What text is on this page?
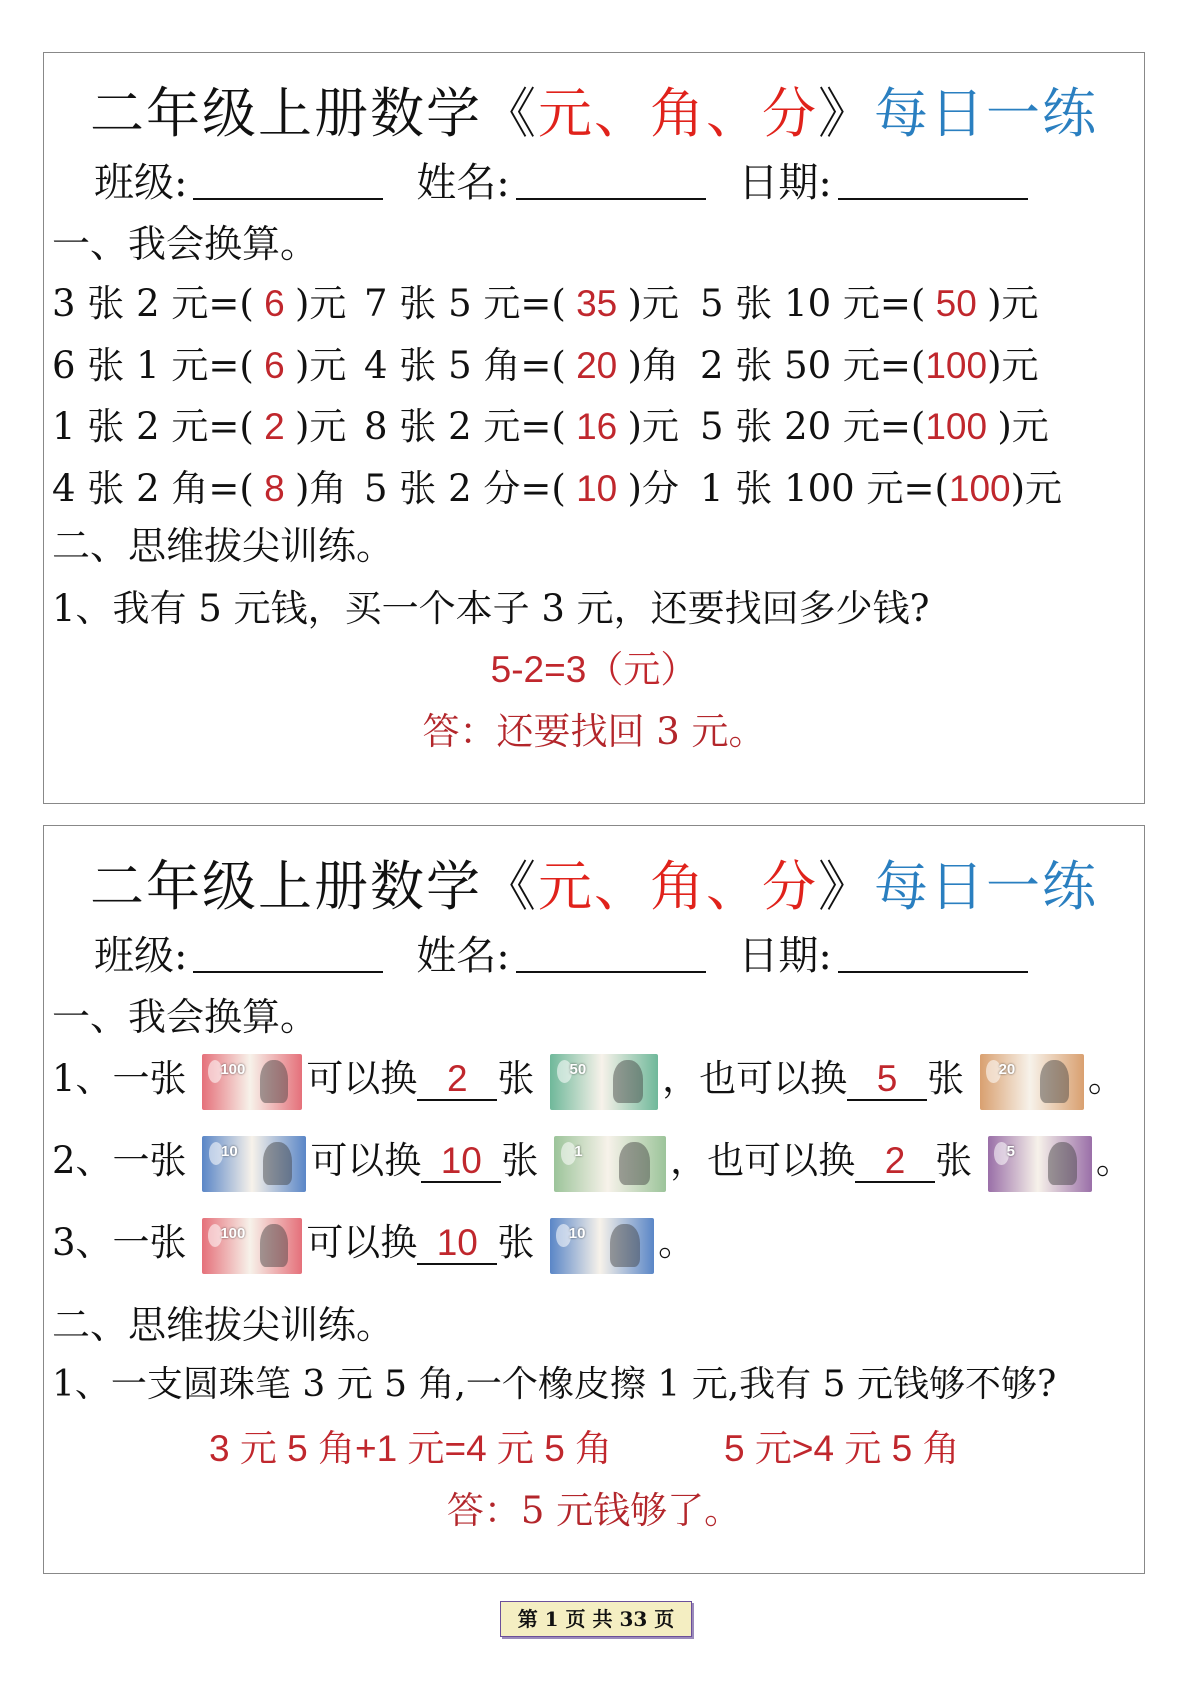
二年级上册数学《元、角、分》每日一练
班级:	姓名:	日期:
一、我会换算。
3 张 2 元=( 6 )元 7 张 5 元=( 35 )元 5 张 10 元=( 50 )元
6 张 1 元=( 6 )元 4 张 5 角=( 20 )角 2 张 50 元=(100)元
1 张 2 元=( 2 )元 8 张 2 元=( 16 )元 5 张 20 元=(100 )元
4 张 2 角=( 8 )角 5 张 2 分=( 10 )分 1 张 100 元=(100)元
二、思维拔尖训练。
1、我有 5 元钱，买一个本子 3 元，还要找回多少钱?
5-2=3（元）
答：还要找回 3 元。
二年级上册数学《元、角、分》每日一练
班级:	姓名:	日期:
一、我会换算。
1、一张 100 可以换 2 张 50 ，也可以换 5 张 20 。
2、一张 10 可以换 10 张 1 ，也可以换 2 张 5 。
3、一张 100 可以换 10 张 10 。
二、思维拔尖训练。
1、一支圆珠笔 3 元 5 角,一个橡皮擦 1 元,我有 5 元钱够不够?
3 元 5 角+1 元=4 元 5 角	5 元>4 元 5 角
答：5 元钱够了。
第 1 页 共 33 页
